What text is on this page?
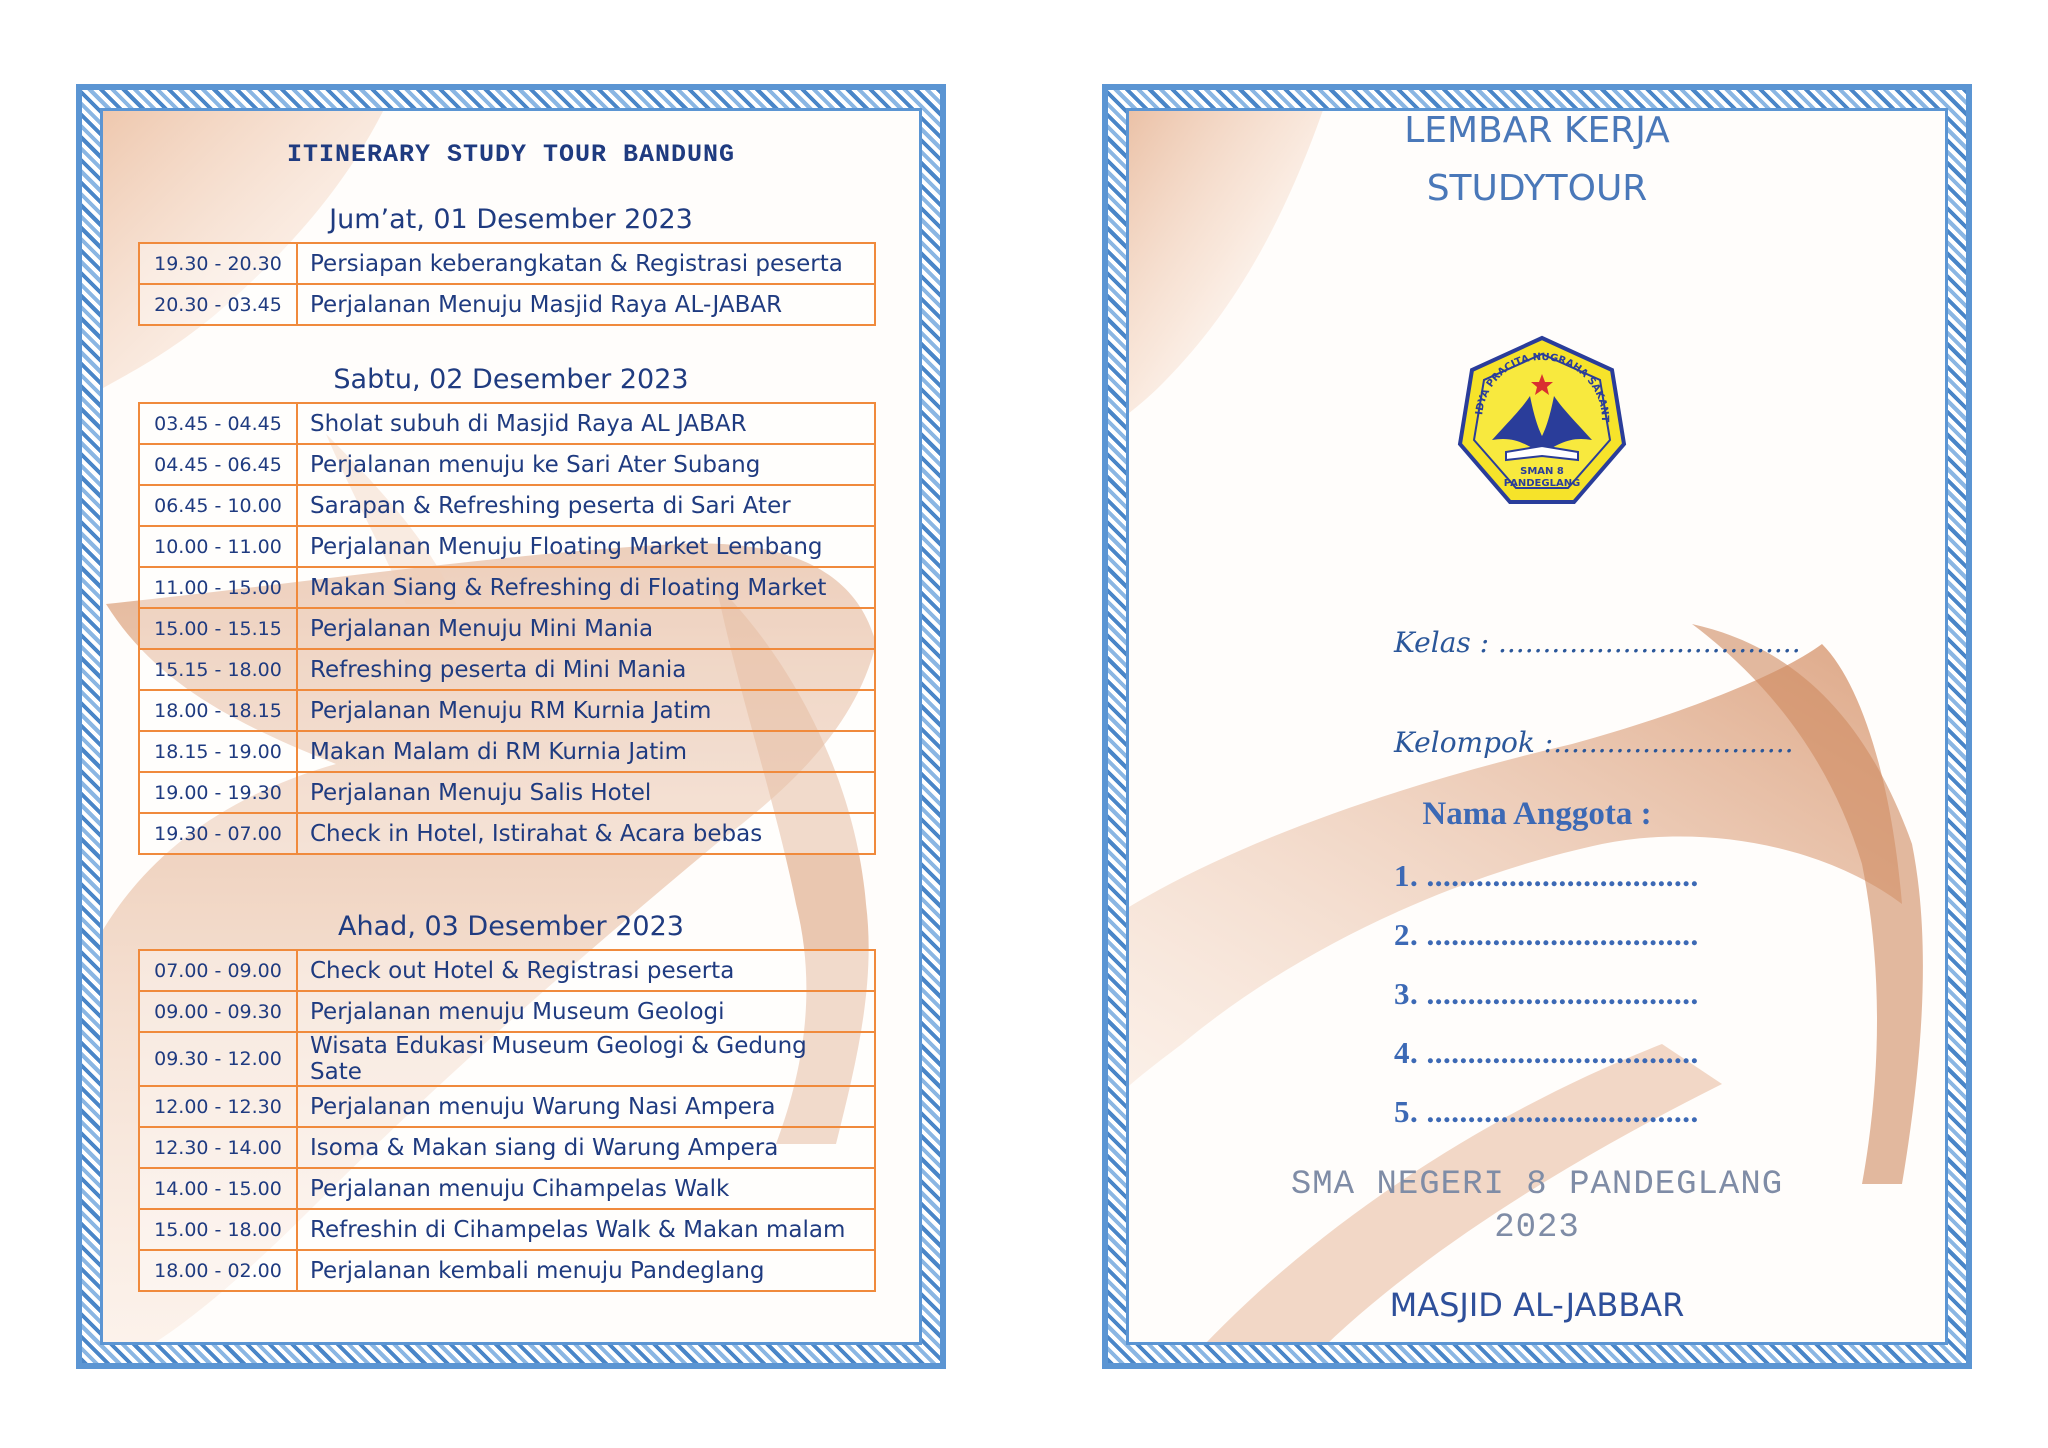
ITINERARY STUDY TOUR BANDUNG
Jum’at, 01 Desember 2023
19.30 - 20.30	Persiapan keberangkatan & Registrasi peserta
20.30 - 03.45	Perjalanan Menuju Masjid Raya AL-JABAR
Sabtu, 02 Desember 2023
03.45 - 04.45	Sholat subuh di Masjid Raya AL JABAR
04.45 - 06.45	Perjalanan menuju ke Sari Ater Subang
06.45 - 10.00	Sarapan & Refreshing peserta di Sari Ater
10.00 - 11.00	Perjalanan Menuju Floating Market Lembang
11.00 - 15.00	Makan Siang & Refreshing di Floating Market
15.00 - 15.15	Perjalanan Menuju Mini Mania
15.15 - 18.00	Refreshing peserta di Mini Mania
18.00 - 18.15	Perjalanan Menuju RM Kurnia Jatim
18.15 - 19.00	Makan Malam di RM Kurnia Jatim
19.00 - 19.30	Perjalanan Menuju Salis Hotel
19.30 - 07.00	Check in Hotel, Istirahat & Acara bebas
Ahad, 03 Desember 2023
07.00 - 09.00	Check out Hotel & Registrasi peserta
09.00 - 09.30	Perjalanan menuju Museum Geologi
09.30 - 12.00	Wisata Edukasi Museum Geologi & Gedung Sate
12.00 - 12.30	Perjalanan menuju Warung Nasi Ampera
12.30 - 14.00	Isoma & Makan siang di Warung Ampera
14.00 - 15.00	Perjalanan menuju Cihampelas Walk
15.00 - 18.00	Refreshin di Cihampelas Walk & Makan malam
18.00 - 02.00	Perjalanan kembali menuju Pandeglang
LEMBAR KERJA
STUDYTOUR
IDYA PRACITA NUGRAHA SAKANT
SMAN 8
PANDEGLANG
Kelas : ..................................
Kelompok :...........................
Nama Anggota :
1. .................................
2. .................................
3. .................................
4. .................................
5. .................................
SMA NEGERI 8 PANDEGLANG
2023
MASJID AL-JABBAR
